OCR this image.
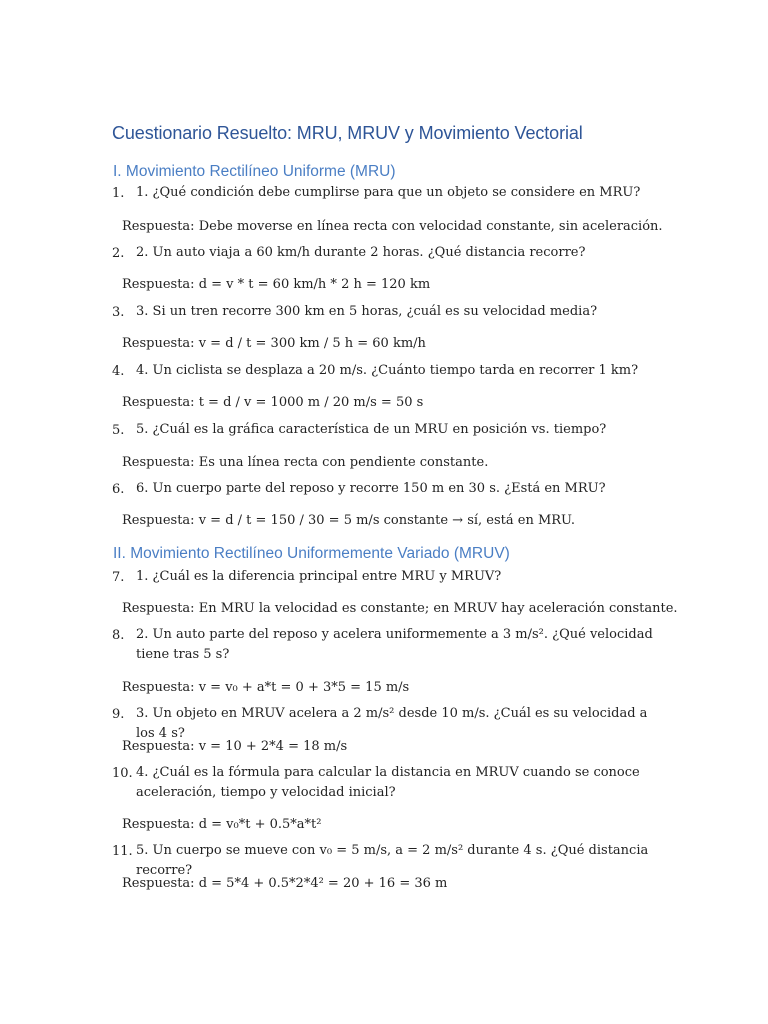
Cuestionario Resuelto: MRU, MRUV y Movimiento Vectorial
I. Movimiento Rectilíneo Uniforme (MRU)
1. 1. ¿Qué condición debe cumplirse para que un objeto se considere en MRU?
Respuesta: Debe moverse en línea recta con velocidad constante, sin aceleración.
2. 2. Un auto viaja a 60 km/h durante 2 horas. ¿Qué distancia recorre?
Respuesta: d = v * t = 60 km/h * 2 h = 120 km
3. 3. Si un tren recorre 300 km en 5 horas, ¿cuál es su velocidad media?
Respuesta: v = d / t = 300 km / 5 h = 60 km/h
4. 4. Un ciclista se desplaza a 20 m/s. ¿Cuánto tiempo tarda en recorrer 1 km?
Respuesta: t = d / v = 1000 m / 20 m/s = 50 s
5. 5. ¿Cuál es la gráfica característica de un MRU en posición vs. tiempo?
Respuesta: Es una línea recta con pendiente constante.
6. 6. Un cuerpo parte del reposo y recorre 150 m en 30 s. ¿Está en MRU?
Respuesta: v = d / t = 150 / 30 = 5 m/s constante → sí, está en MRU.
II. Movimiento Rectilíneo Uniformemente Variado (MRUV)
7. 1. ¿Cuál es la diferencia principal entre MRU y MRUV?
Respuesta: En MRU la velocidad es constante; en MRUV hay aceleración constante.
8. 2. Un auto parte del reposo y acelera uniformemente a 3 m/s². ¿Qué velocidad tiene tras 5 s?
Respuesta: v = v₀ + a*t = 0 + 3*5 = 15 m/s
9. 3. Un objeto en MRUV acelera a 2 m/s² desde 10 m/s. ¿Cuál es su velocidad a los 4 s?
Respuesta: v = 10 + 2*4 = 18 m/s
10. 4. ¿Cuál es la fórmula para calcular la distancia en MRUV cuando se conoce aceleración, tiempo y velocidad inicial?
Respuesta: d = v₀*t + 0.5*a*t²
11. 5. Un cuerpo se mueve con v₀ = 5 m/s, a = 2 m/s² durante 4 s. ¿Qué distancia recorre?
Respuesta: d = 5*4 + 0.5*2*4² = 20 + 16 = 36 m
